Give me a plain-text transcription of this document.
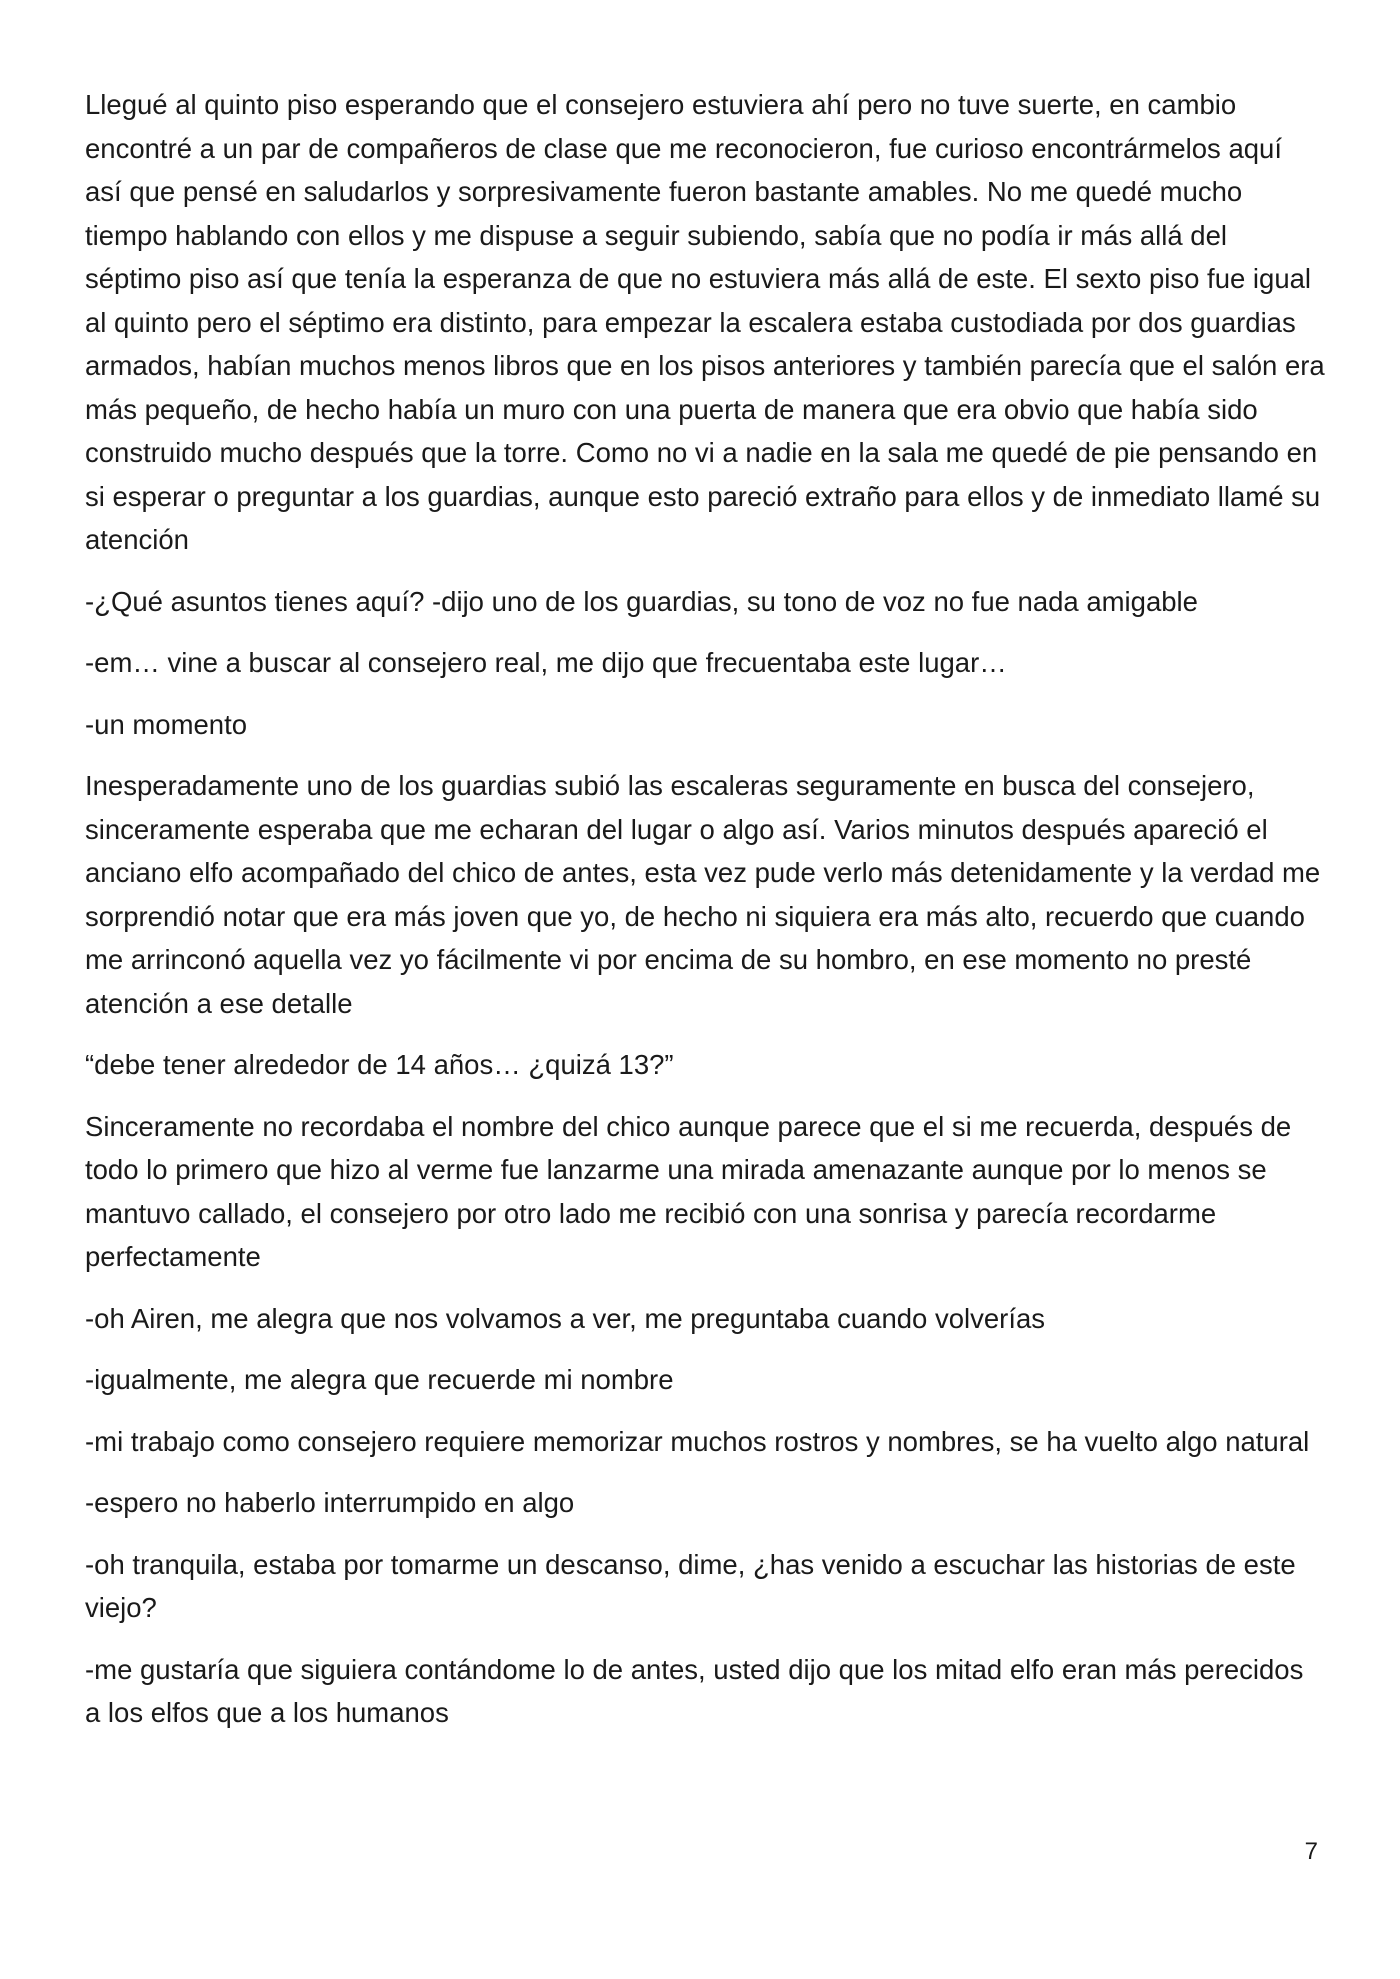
Llegué al quinto piso esperando que el consejero estuviera ahí pero no tuve suerte, en cambio encontré a un par de compañeros de clase que me reconocieron, fue curioso encontrármelos aquí así que pensé en saludarlos y sorpresivamente fueron bastante amables. No me quedé mucho tiempo hablando con ellos y me dispuse a seguir subiendo, sabía que no podía ir más allá del séptimo piso así que tenía la esperanza de que no estuviera más allá de este. El sexto piso fue igual al quinto pero el séptimo era distinto, para empezar la escalera estaba custodiada por dos guardias armados, habían muchos menos libros que en los pisos anteriores y también parecía que el salón era más pequeño, de hecho había un muro con una puerta de manera que era obvio que había sido construido mucho después que la torre. Como no vi a nadie en la sala me quedé de pie pensando en si esperar o preguntar a los guardias, aunque esto pareció extraño para ellos y de inmediato llamé su atención

-¿Qué asuntos tienes aquí? -dijo uno de los guardias, su tono de voz no fue nada amigable

-em… vine a buscar al consejero real, me dijo que frecuentaba este lugar…

-un momento

Inesperadamente uno de los guardias subió las escaleras seguramente en busca del consejero, sinceramente esperaba que me echaran del lugar o algo así. Varios minutos después apareció el anciano elfo acompañado del chico de antes, esta vez pude verlo más detenidamente y la verdad me sorprendió notar que era más joven que yo, de hecho ni siquiera era más alto, recuerdo que cuando me arrinconó aquella vez yo fácilmente vi por encima de su hombro, en ese momento no presté atención a ese detalle

“debe tener alrededor de 14 años… ¿quizá 13?”

Sinceramente no recordaba el nombre del chico aunque parece que el si me recuerda, después de todo lo primero que hizo al verme fue lanzarme una mirada amenazante aunque por lo menos se mantuvo callado, el consejero por otro lado me recibió con una sonrisa y parecía recordarme perfectamente

-oh Airen, me alegra que nos volvamos a ver, me preguntaba cuando volverías

-igualmente, me alegra que recuerde mi nombre

-mi trabajo como consejero requiere memorizar muchos rostros y nombres, se ha vuelto algo natural

-espero no haberlo interrumpido en algo

-oh tranquila, estaba por tomarme un descanso, dime, ¿has venido a escuchar las historias de este viejo?

-me gustaría que siguiera contándome lo de antes, usted dijo que los mitad elfo eran más perecidos a los elfos que a los humanos

7
